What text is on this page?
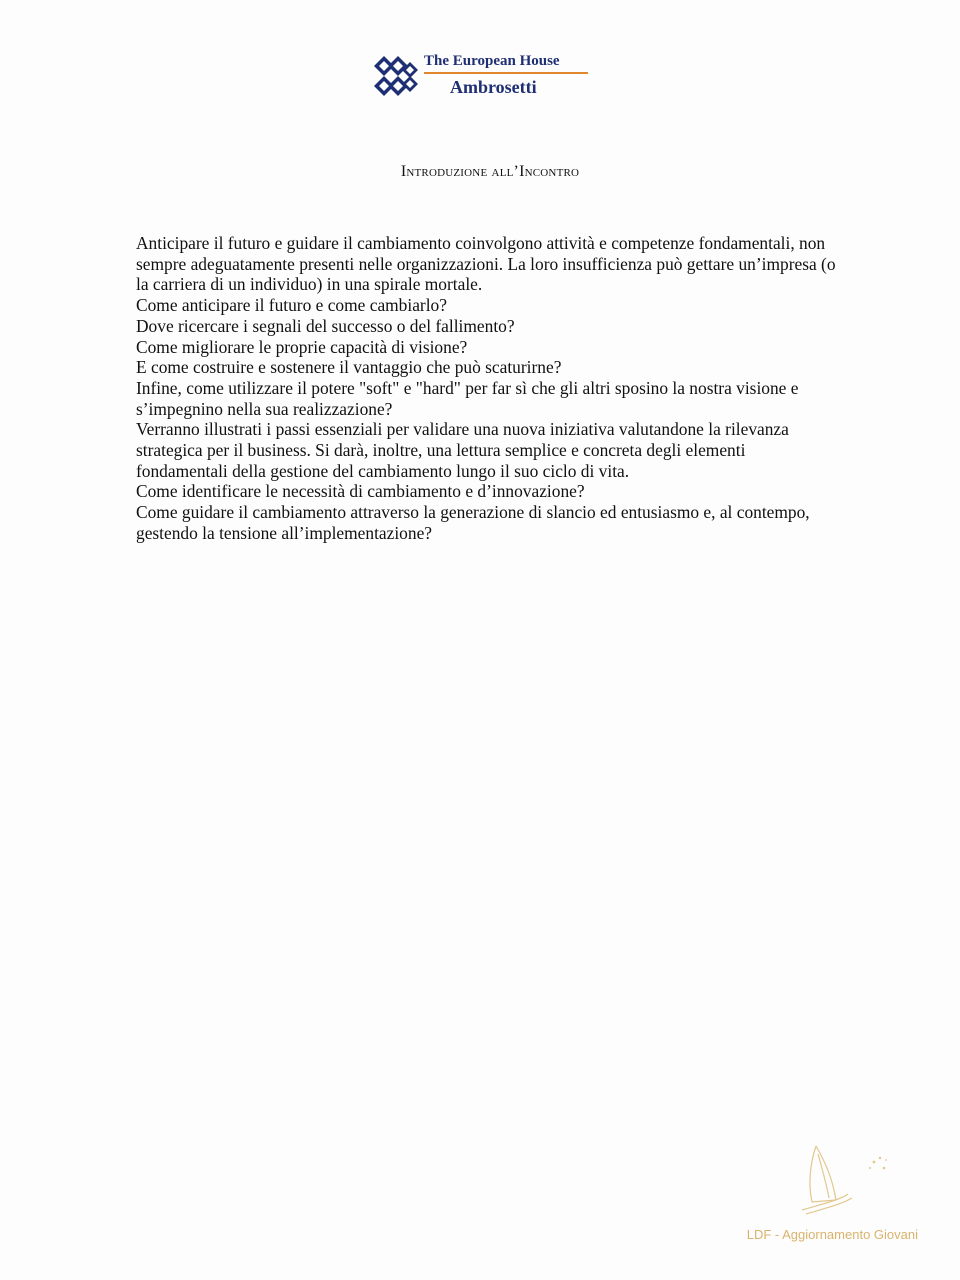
The European House
Ambrosetti
Introduzione all’Incontro

Anticipare il futuro e guidare il cambiamento coinvolgono attività e competenze fondamentali, non sempre adeguatamente presenti nelle organizzazioni. La loro insufficienza può gettare un’impresa (o la carriera di un individuo) in una spirale mortale.

Come anticipare il futuro e come cambiarlo?

Dove ricercare i segnali del successo o del fallimento?

Come migliorare le proprie capacità di visione?

E come costruire e sostenere il vantaggio che può scaturirne?

Infine, come utilizzare il potere "soft" e "hard" per far sì che gli altri sposino la nostra visione e s’impegnino nella sua realizzazione?

Verranno illustrati i passi essenziali per validare una nuova iniziativa valutandone la rilevanza strategica per il business. Si darà, inoltre, una lettura semplice e concreta degli elementi fondamentali della gestione del cambiamento lungo il suo ciclo di vita.

Come identificare le necessità di cambiamento e d’innovazione?

Come guidare il cambiamento attraverso la generazione di slancio ed entusiasmo e, al contempo, gestendo la tensione all’implementazione?

LDF - Aggiornamento Giovani
